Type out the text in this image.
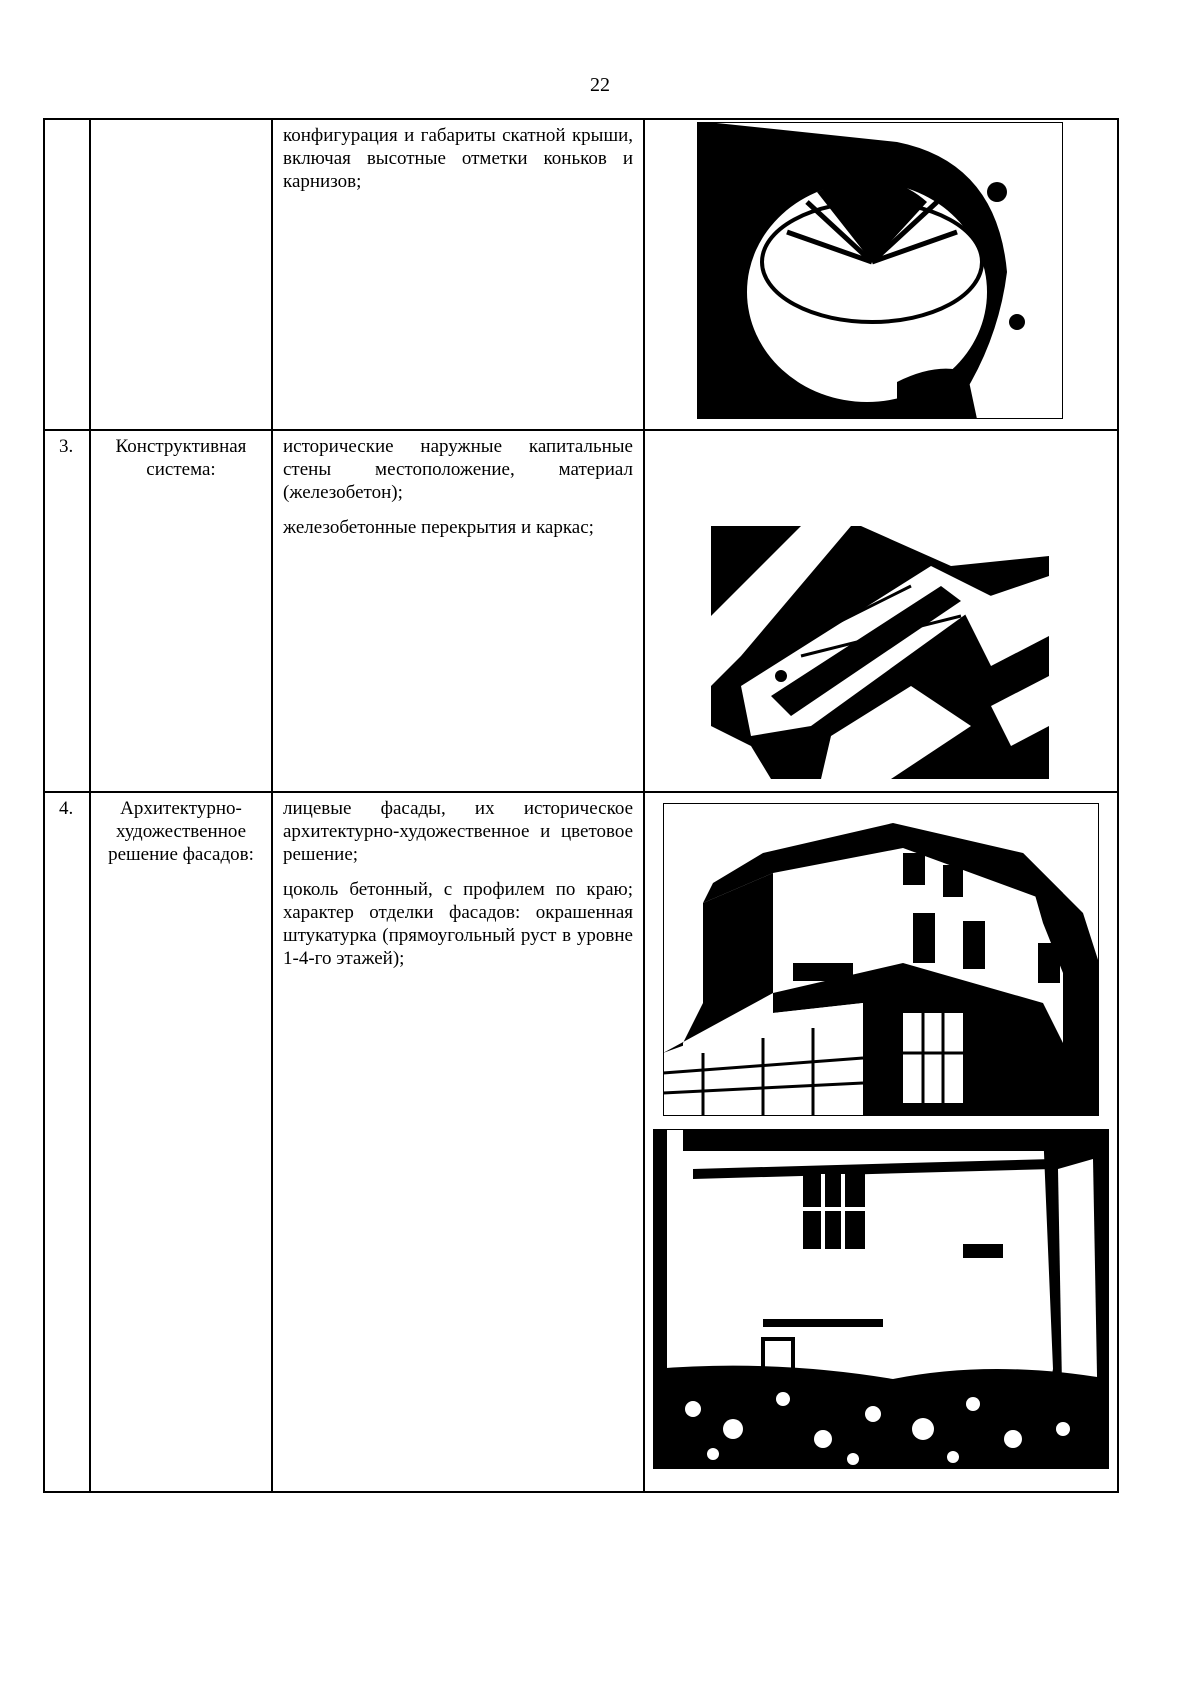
22

		конфигурация и габариты скатной крыши, включая высотные отметки коньков и карнизов;

3.	Конструктивная система:	исторические наружные капитальные стены местоположение, материал (железобетон);

железобетонные перекрытия и каркас;

4.	Архитектурно-художественное решение фасадов:	лицевые фасады, их историческое архитектурно-художественное и цветовое решение;

цоколь бетонный, с профилем по краю; характер отделки фасадов: окрашенная штукатурка (прямоугольный руст в уровне 1-4-го этажей);
